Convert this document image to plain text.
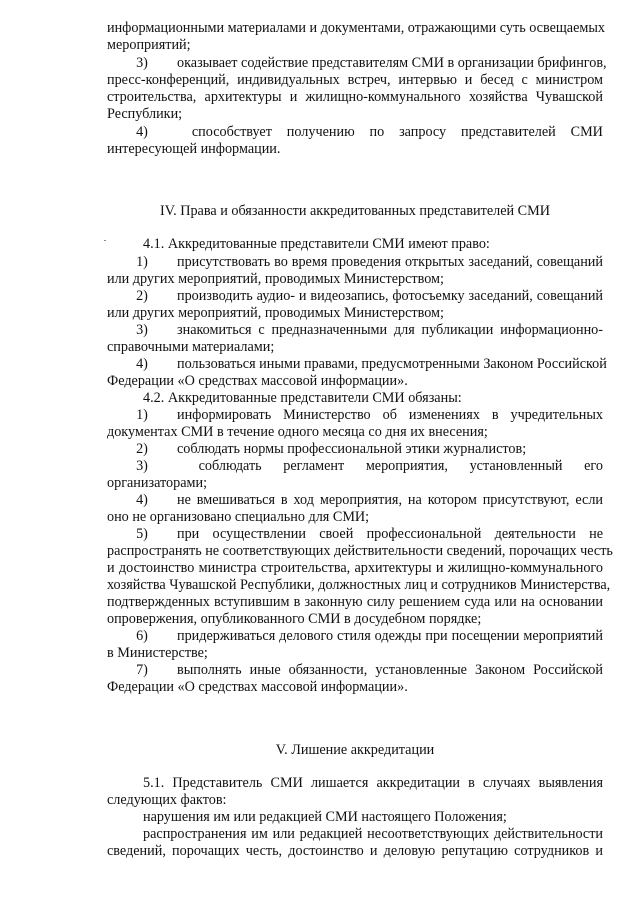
информационными материалами и документами, отражающими суть освещаемых
мероприятий;
3)	оказывает содействие представителям СМИ в организации брифингов,
пресс-конференций, индивидуальных встреч, интервью и бесед с министром
строительства, архитектуры и жилищно-коммунального хозяйства Чувашской
Республики;
4)	способствует получению по запросу представителей СМИ
интересующей информации.
IV. Права и обязанности аккредитованных представителей СМИ
4.1. Аккредитованные представители СМИ имеют право:
1)	присутствовать во время проведения открытых заседаний, совещаний
или других мероприятий, проводимых Министерством;
2)	производить аудио- и видеозапись, фотосъемку заседаний, совещаний
или других мероприятий, проводимых Министерством;
3)	знакомиться с предназначенными для публикации информационно-
справочными материалами;
4)	пользоваться иными правами, предусмотренными Законом Российской
Федерации «О средствах массовой информации».
4.2. Аккредитованные представители СМИ обязаны:
1)	информировать Министерство об изменениях в учредительных
документах СМИ в течение одного месяца со дня их внесения;
2) соблюдать нормы профессиональной этики журналистов;
3)	соблюдать регламент мероприятия, установленный его
организаторами;
4)	не вмешиваться в ход мероприятия, на котором присутствуют, если
оно не организовано специально для СМИ;
5)	при осуществлении своей профессиональной деятельности не
распространять не соответствующих действительности сведений, порочащих честь
и достоинство министра строительства, архитектуры и жилищно-коммунального
хозяйства Чувашской Республики, должностных лиц и сотрудников Министерства,
подтвержденных вступившим в законную силу решением суда или на основании
опровержения, опубликованного СМИ в досудебном порядке;
6)	придерживаться делового стиля одежды при посещении мероприятий
в Министерстве;
7)	выполнять иные обязанности, установленные Законом Российской
Федерации «О средствах массовой информации».
V. Лишение аккредитации
5.1. Представитель СМИ лишается аккредитации в случаях выявления
следующих фактов:
нарушения им или редакцией СМИ настоящего Положения;
распространения им или редакцией несоответствующих действительности
сведений, порочащих честь, достоинство и деловую репутацию сотрудников и
